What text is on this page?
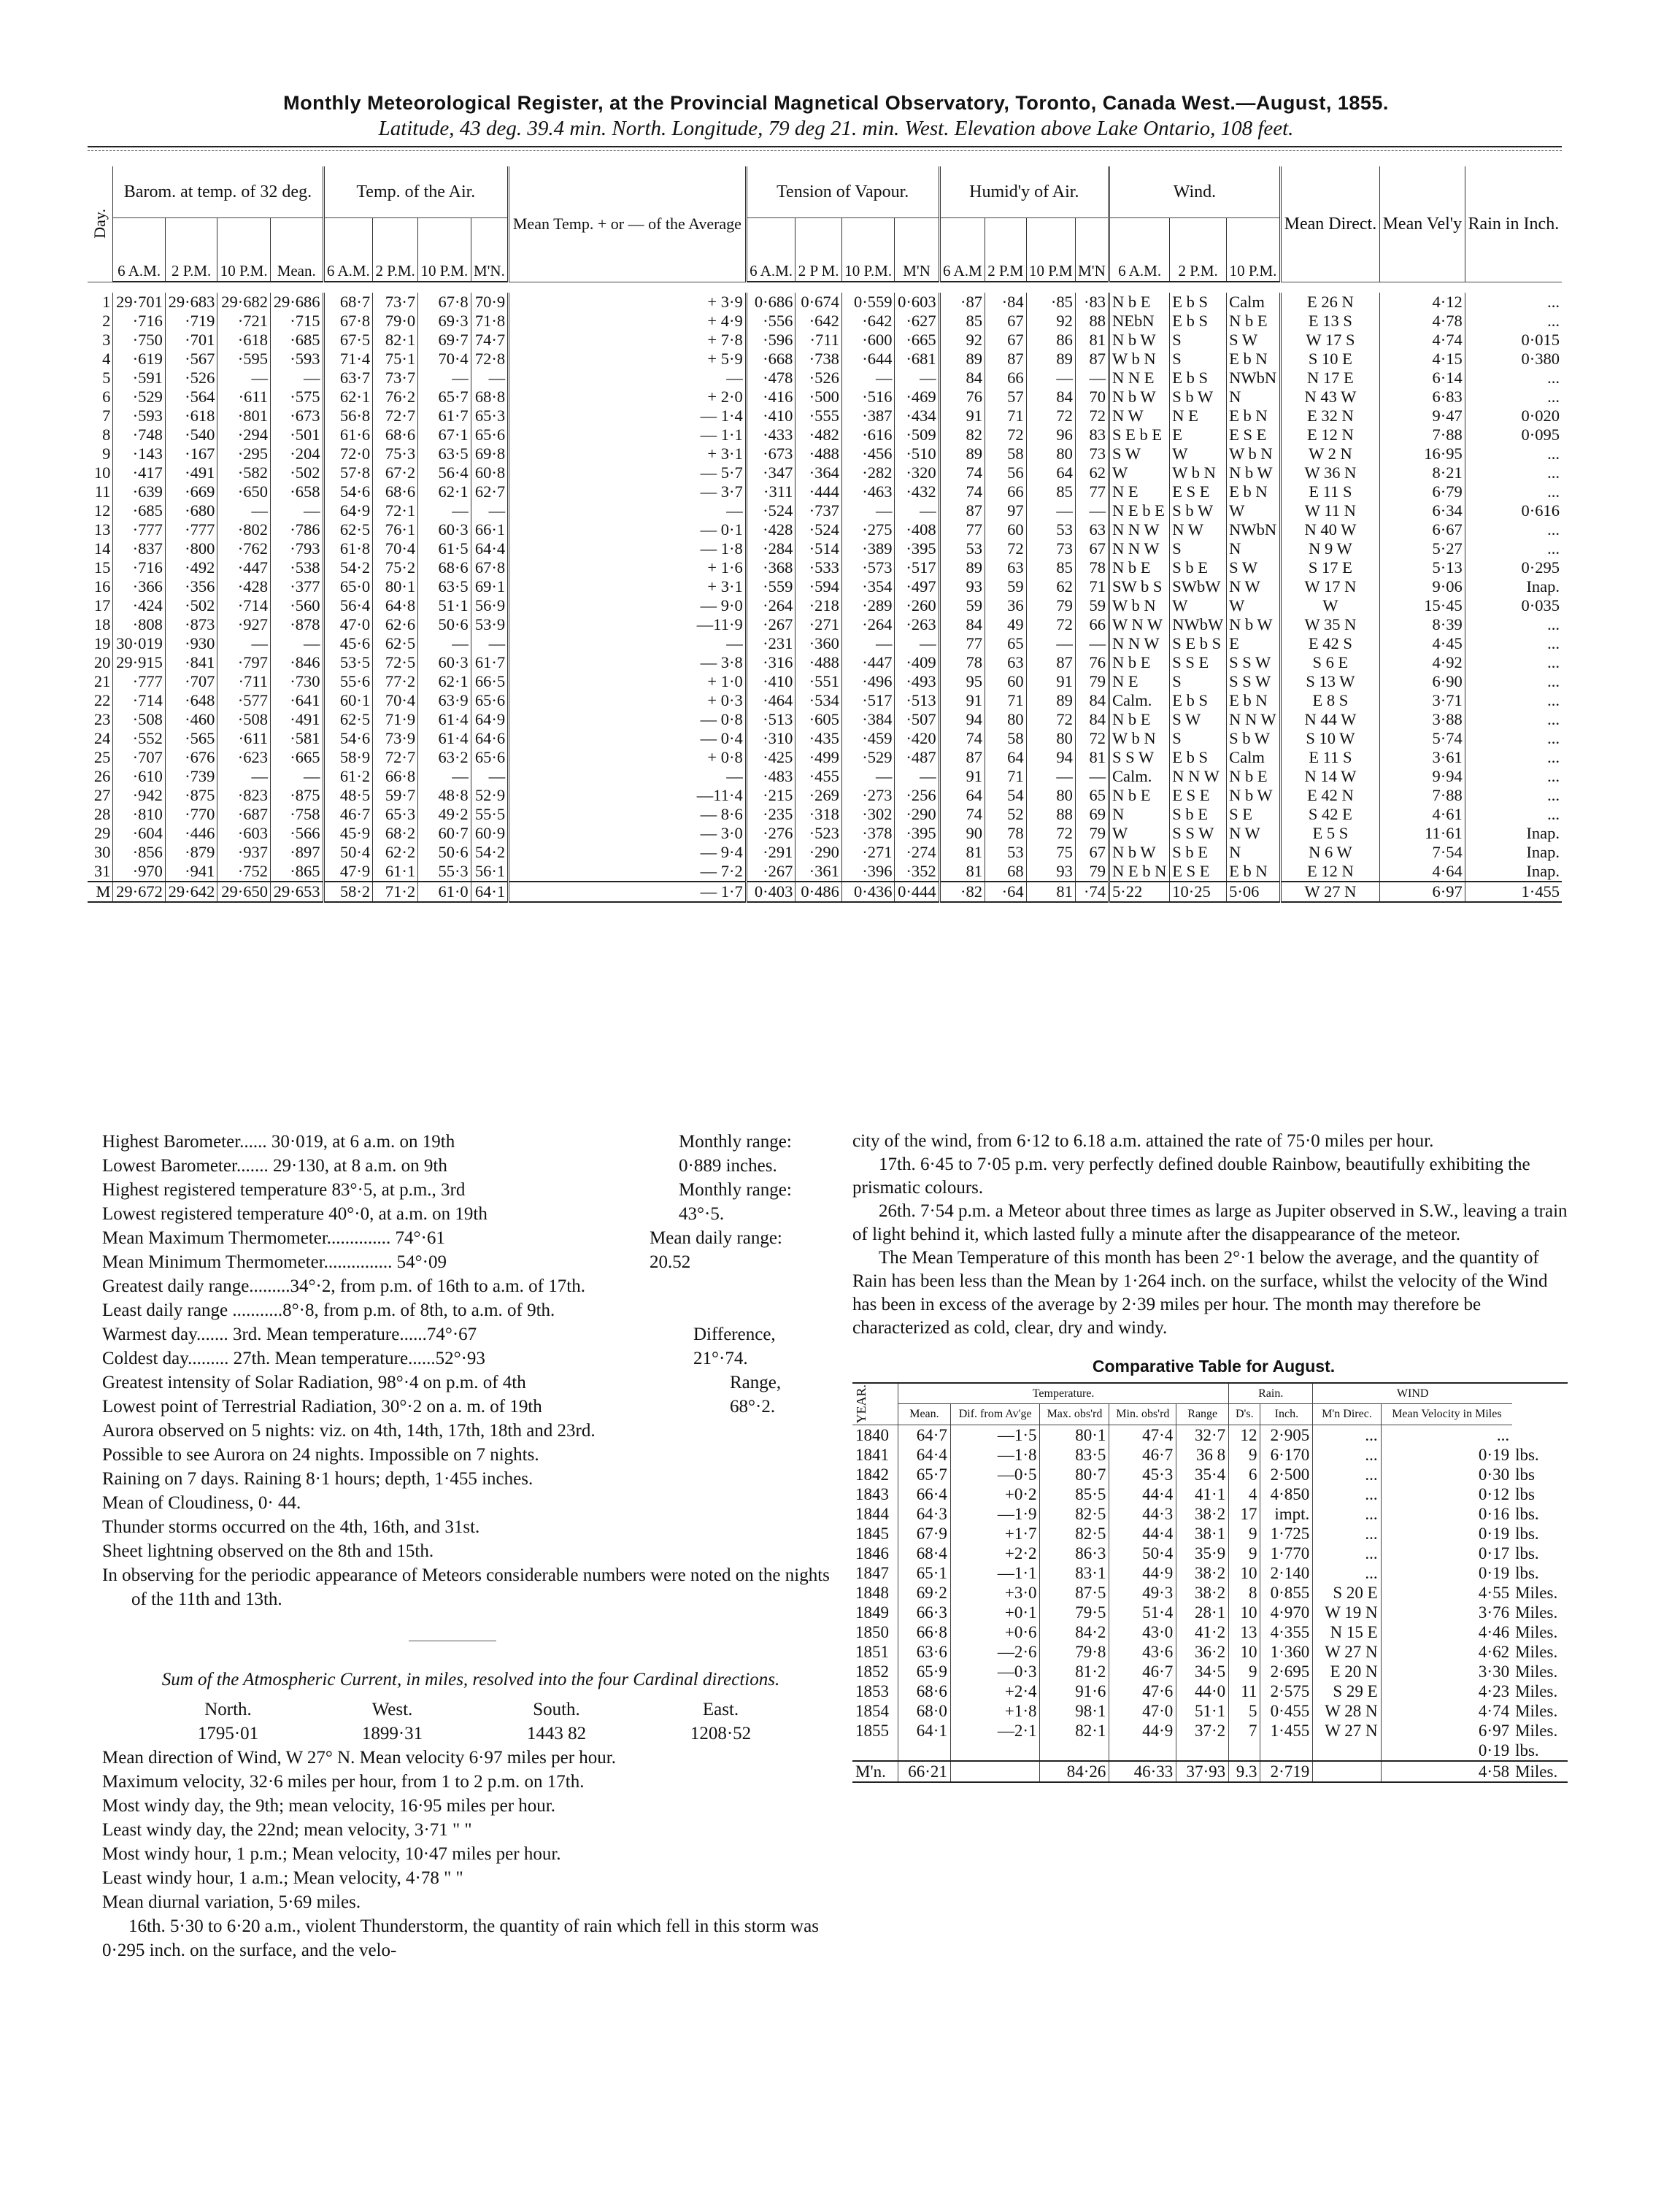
Monthly Meteorological Register, at the Provincial Magnetical Observatory, Toronto, Canada West.—August, 1855.
Latitude, 43 deg. 39.4 min. North. Longitude, 79 deg 21. min. West. Elevation above Lake Ontario, 108 feet.
Day.	Barom. at temp. of 32 deg.				Temp. of the Air.				Mean Temp. + or — of the Average	Tension of Vapour.				Humid'y of Air.				Wind.			Mean Direct.	Mean Vel'y	Rain in Inch.
	6 A.M.	2 P.M.	10 P.M.	Mean.	6 A.M.	2 P.M.	10 P.M.	M'N.		6 A.M.	2 P M.	10 P.M.	M'N	6 A.M	2 P.M	10 P.M	M'N	6 A.M.	2 P.M.	10 P.M.			

1	29·701	29·683	29·682	29·686	68·7	73·7	67·8	70·9	+ 3·9	0·686	0·674	0·559	0·603	·87	·84	·85	·83	N b E	E b S	Calm	E 26 N	4·12	...
2	·716	·719	·721	·715	67·8	79·0	69·3	71·8	+ 4·9	·556	·642	·642	·627	85	67	92	88	NEbN	E b S	N b E	E 13 S	4·78	...
3	·750	·701	·618	·685	67·5	82·1	69·7	74·7	+ 7·8	·596	·711	·600	·665	92	67	86	81	N b W	S	S W	W 17 S	4·74	0·015
4	·619	·567	·595	·593	71·4	75·1	70·4	72·8	+ 5·9	·668	·738	·644	·681	89	87	89	87	W b N	S	E b N	S 10 E	4·15	0·380
5	·591	·526	—	—	63·7	73·7	—	—	—	·478	·526	—	—	84	66	—	—	N N E	E b S	NWbN	N 17 E	6·14	...
6	·529	·564	·611	·575	62·1	76·2	65·7	68·8	+ 2·0	·416	·500	·516	·469	76	57	84	70	N b W	S b W	N	N 43 W	6·83	...
7	·593	·618	·801	·673	56·8	72·7	61·7	65·3	— 1·4	·410	·555	·387	·434	91	71	72	72	N W	N E	E b N	E 32 N	9·47	0·020
8	·748	·540	·294	·501	61·6	68·6	67·1	65·6	— 1·1	·433	·482	·616	·509	82	72	96	83	S E b E	E	E S E	E 12 N	7·88	0·095
9	·143	·167	·295	·204	72·0	75·3	63·5	69·8	+ 3·1	·673	·488	·456	·510	89	58	80	73	S W	W	W b N	W 2 N	16·95	...
10	·417	·491	·582	·502	57·8	67·2	56·4	60·8	— 5·7	·347	·364	·282	·320	74	56	64	62	W	W b N	N b W	W 36 N	8·21	...
11	·639	·669	·650	·658	54·6	68·6	62·1	62·7	— 3·7	·311	·444	·463	·432	74	66	85	77	N E	E S E	E b N	E 11 S	6·79	...
12	·685	·680	—	—	64·9	72·1	—	—	—	·524	·737	—	—	87	97	—	—	N E b E	S b W	W	W 11 N	6·34	0·616
13	·777	·777	·802	·786	62·5	76·1	60·3	66·1	— 0·1	·428	·524	·275	·408	77	60	53	63	N N W	N W	NWbN	N 40 W	6·67	...
14	·837	·800	·762	·793	61·8	70·4	61·5	64·4	— 1·8	·284	·514	·389	·395	53	72	73	67	N N W	S	N	N 9 W	5·27	...
15	·716	·492	·447	·538	54·2	75·2	68·6	67·8	+ 1·6	·368	·533	·573	·517	89	63	85	78	N b E	S b E	S W	S 17 E	5·13	0·295
16	·366	·356	·428	·377	65·0	80·1	63·5	69·1	+ 3·1	·559	·594	·354	·497	93	59	62	71	SW b S	SWbW	N W	W 17 N	9·06	Inap.
17	·424	·502	·714	·560	56·4	64·8	51·1	56·9	— 9·0	·264	·218	·289	·260	59	36	79	59	W b N	W	W	W	15·45	0·035
18	·808	·873	·927	·878	47·0	62·6	50·6	53·9	—11·9	·267	·271	·264	·263	84	49	72	66	W N W	NWbW	N b W	W 35 N	8·39	...
19	30·019	·930	—	—	45·6	62·5	—	—	—	·231	·360	—	—	77	65	—	—	N N W	S E b S	E	E 42 S	4·45	...
20	29·915	·841	·797	·846	53·5	72·5	60·3	61·7	— 3·8	·316	·488	·447	·409	78	63	87	76	N b E	S S E	S S W	S 6 E	4·92	...
21	·777	·707	·711	·730	55·6	77·2	62·1	66·5	+ 1·0	·410	·551	·496	·493	95	60	91	79	N E	S	S S W	S 13 W	6·90	...
22	·714	·648	·577	·641	60·1	70·4	63·9	65·6	+ 0·3	·464	·534	·517	·513	91	71	89	84	Calm.	E b S	E b N	E 8 S	3·71	...
23	·508	·460	·508	·491	62·5	71·9	61·4	64·9	— 0·8	·513	·605	·384	·507	94	80	72	84	N b E	S W	N N W	N 44 W	3·88	...
24	·552	·565	·611	·581	54·6	73·9	61·4	64·6	— 0·4	·310	·435	·459	·420	74	58	80	72	W b N	S	S b W	S 10 W	5·74	...
25	·707	·676	·623	·665	58·9	72·7	63·2	65·6	+ 0·8	·425	·499	·529	·487	87	64	94	81	S S W	E b S	Calm	E 11 S	3·61	...
26	·610	·739	—	—	61·2	66·8	—	—	—	·483	·455	—	—	91	71	—	—	Calm.	N N W	N b E	N 14 W	9·94	...
27	·942	·875	·823	·875	48·5	59·7	48·8	52·9	—11·4	·215	·269	·273	·256	64	54	80	65	N b E	E S E	N b W	E 42 N	7·88	...
28	·810	·770	·687	·758	46·7	65·3	49·2	55·5	— 8·6	·235	·318	·302	·290	74	52	88	69	N	S b E	S E	S 42 E	4·61	...
29	·604	·446	·603	·566	45·9	68·2	60·7	60·9	— 3·0	·276	·523	·378	·395	90	78	72	79	W	S S W	N W	E 5 S	11·61	Inap.
30	·856	·879	·937	·897	50·4	62·2	50·6	54·2	— 9·4	·291	·290	·271	·274	81	53	75	67	N b W	S b E	N	N 6 W	7·54	Inap.
31	·970	·941	·752	·865	47·9	61·1	55·3	56·1	— 7·2	·267	·361	·396	·352	81	68	93	79	N E b N	E S E	E b N	E 12 N	4·64	Inap.
M	29·672	29·642	29·650	29·653	58·2	71·2	61·0	64·1	— 1·7	0·403	0·486	0·436	0·444	·82	·64	81	·74	5·22	10·25	5·06	W 27 N	6·97	1·455
Highest Barometer...... 30·019, at 6 a.m. on 19th	Monthly range:
Lowest Barometer....... 29·130, at 8 a.m. on 9th	0·889 inches.
Highest registered temperature 83°·5, at p.m., 3rd	Monthly range:
Lowest registered temperature 40°·0, at a.m. on 19th	43°·5.
Mean Maximum Thermometer.............. 74°·61	Mean daily range:
Mean Minimum Thermometer............... 54°·09	20.52
Greatest daily range.........34°·2, from p.m. of 16th to a.m. of 17th.
Least daily range ...........8°·8, from p.m. of 8th, to a.m. of 9th.
Warmest day....... 3rd. Mean temperature......74°·67	Difference,
Coldest day......... 27th. Mean temperature......52°·93	21°·74.
Greatest intensity of Solar Radiation, 98°·4 on p.m. of 4th	Range,
Lowest point of Terrestrial Radiation, 30°·2 on a. m. of 19th	68°·2.
Aurora observed on 5 nights: viz. on 4th, 14th, 17th, 18th and 23rd.
Possible to see Aurora on 24 nights. Impossible on 7 nights.
Raining on 7 days. Raining 8·1 hours; depth, 1·455 inches.
Mean of Cloudiness, 0· 44.
Thunder storms occurred on the 4th, 16th, and 31st.
Sheet lightning observed on the 8th and 15th.
In observing for the periodic appearance of Meteors considerable numbers were noted on the nights of the 11th and 13th.
Sum of the Atmospheric Current, in miles, resolved into the four Cardinal directions.
North.	West.	South.	East.
1795·01	1899·31	1443 82	1208·52
Mean direction of Wind, W 27° N. Mean velocity 6·97 miles per hour.
Maximum velocity, 32·6 miles per hour, from 1 to 2 p.m. on 17th.
Most windy day, the 9th; mean velocity, 16·95 miles per hour.
Least windy day, the 22nd; mean velocity, 3·71 " "
Most windy hour, 1 p.m.; Mean velocity, 10·47 miles per hour.
Least windy hour, 1 a.m.; Mean velocity, 4·78 " "
Mean diurnal variation, 5·69 miles.
16th. 5·30 to 6·20 a.m., violent Thunderstorm, the quantity of rain which fell in this storm was 0·295 inch. on the surface, and the velo-

city of the wind, from 6·12 to 6.18 a.m. attained the rate of 75·0 miles per hour.

17th. 6·45 to 7·05 p.m. very perfectly defined double Rainbow, beautifully exhibiting the prismatic colours.

26th. 7·54 p.m. a Meteor about three times as large as Jupiter observed in S.W., leaving a train of light behind it, which lasted fully a minute after the disappearance of the meteor.

The Mean Temperature of this month has been 2°·1 below the average, and the quantity of Rain has been less than the Mean by 1·264 inch. on the surface, whilst the velocity of the Wind has been in excess of the average by 2·39 miles per hour. The month may therefore be characterized as cold, clear, dry and windy.

Comparative Table for August.
YEAR.	Temperature.					Rain.		WIND		
	Mean.	Dif. from Av'ge	Max. obs'rd	Min. obs'rd	Range	D's.	Inch.	M'n Direc.	Mean Velocity in Miles	
1840	64·7	—1·5	80·1	47·4	32·7	12	2·905	...	...	
1841	64·4	—1·8	83·5	46·7	36 8	9	6·170	...	0·19	lbs.
1842	65·7	—0·5	80·7	45·3	35·4	6	2·500	...	0·30	lbs
1843	66·4	+0·2	85·5	44·4	41·1	4	4·850	...	0·12	lbs
1844	64·3	—1·9	82·5	44·3	38·2	17	impt.	...	0·16	lbs.
1845	67·9	+1·7	82·5	44·4	38·1	9	1·725	...	0·19	lbs.
1846	68·4	+2·2	86·3	50·4	35·9	9	1·770	...	0·17	lbs.
1847	65·1	—1·1	83·1	44·9	38·2	10	2·140	...	0·19	lbs.
1848	69·2	+3·0	87·5	49·3	38·2	8	0·855	S 20 E	4·55	Miles.
1849	66·3	+0·1	79·5	51·4	28·1	10	4·970	W 19 N	3·76	Miles.
1850	66·8	+0·6	84·2	43·0	41·2	13	4·355	N 15 E	4·46	Miles.
1851	63·6	—2·6	79·8	43·6	36·2	10	1·360	W 27 N	4·62	Miles.
1852	65·9	—0·3	81·2	46·7	34·5	9	2·695	E 20 N	3·30	Miles.
1853	68·6	+2·4	91·6	47·6	44·0	11	2·575	S 29 E	4·23	Miles.
1854	68·0	+1·8	98·1	47·0	51·1	5	0·455	W 28 N	4·74	Miles.
1855	64·1	—2·1	82·1	44·9	37·2	7	1·455	W 27 N	6·97	Miles.
									0·19	lbs.
M'n.	66·21		84·26	46·33	37·93	9.3	2·719		4·58	Miles.
